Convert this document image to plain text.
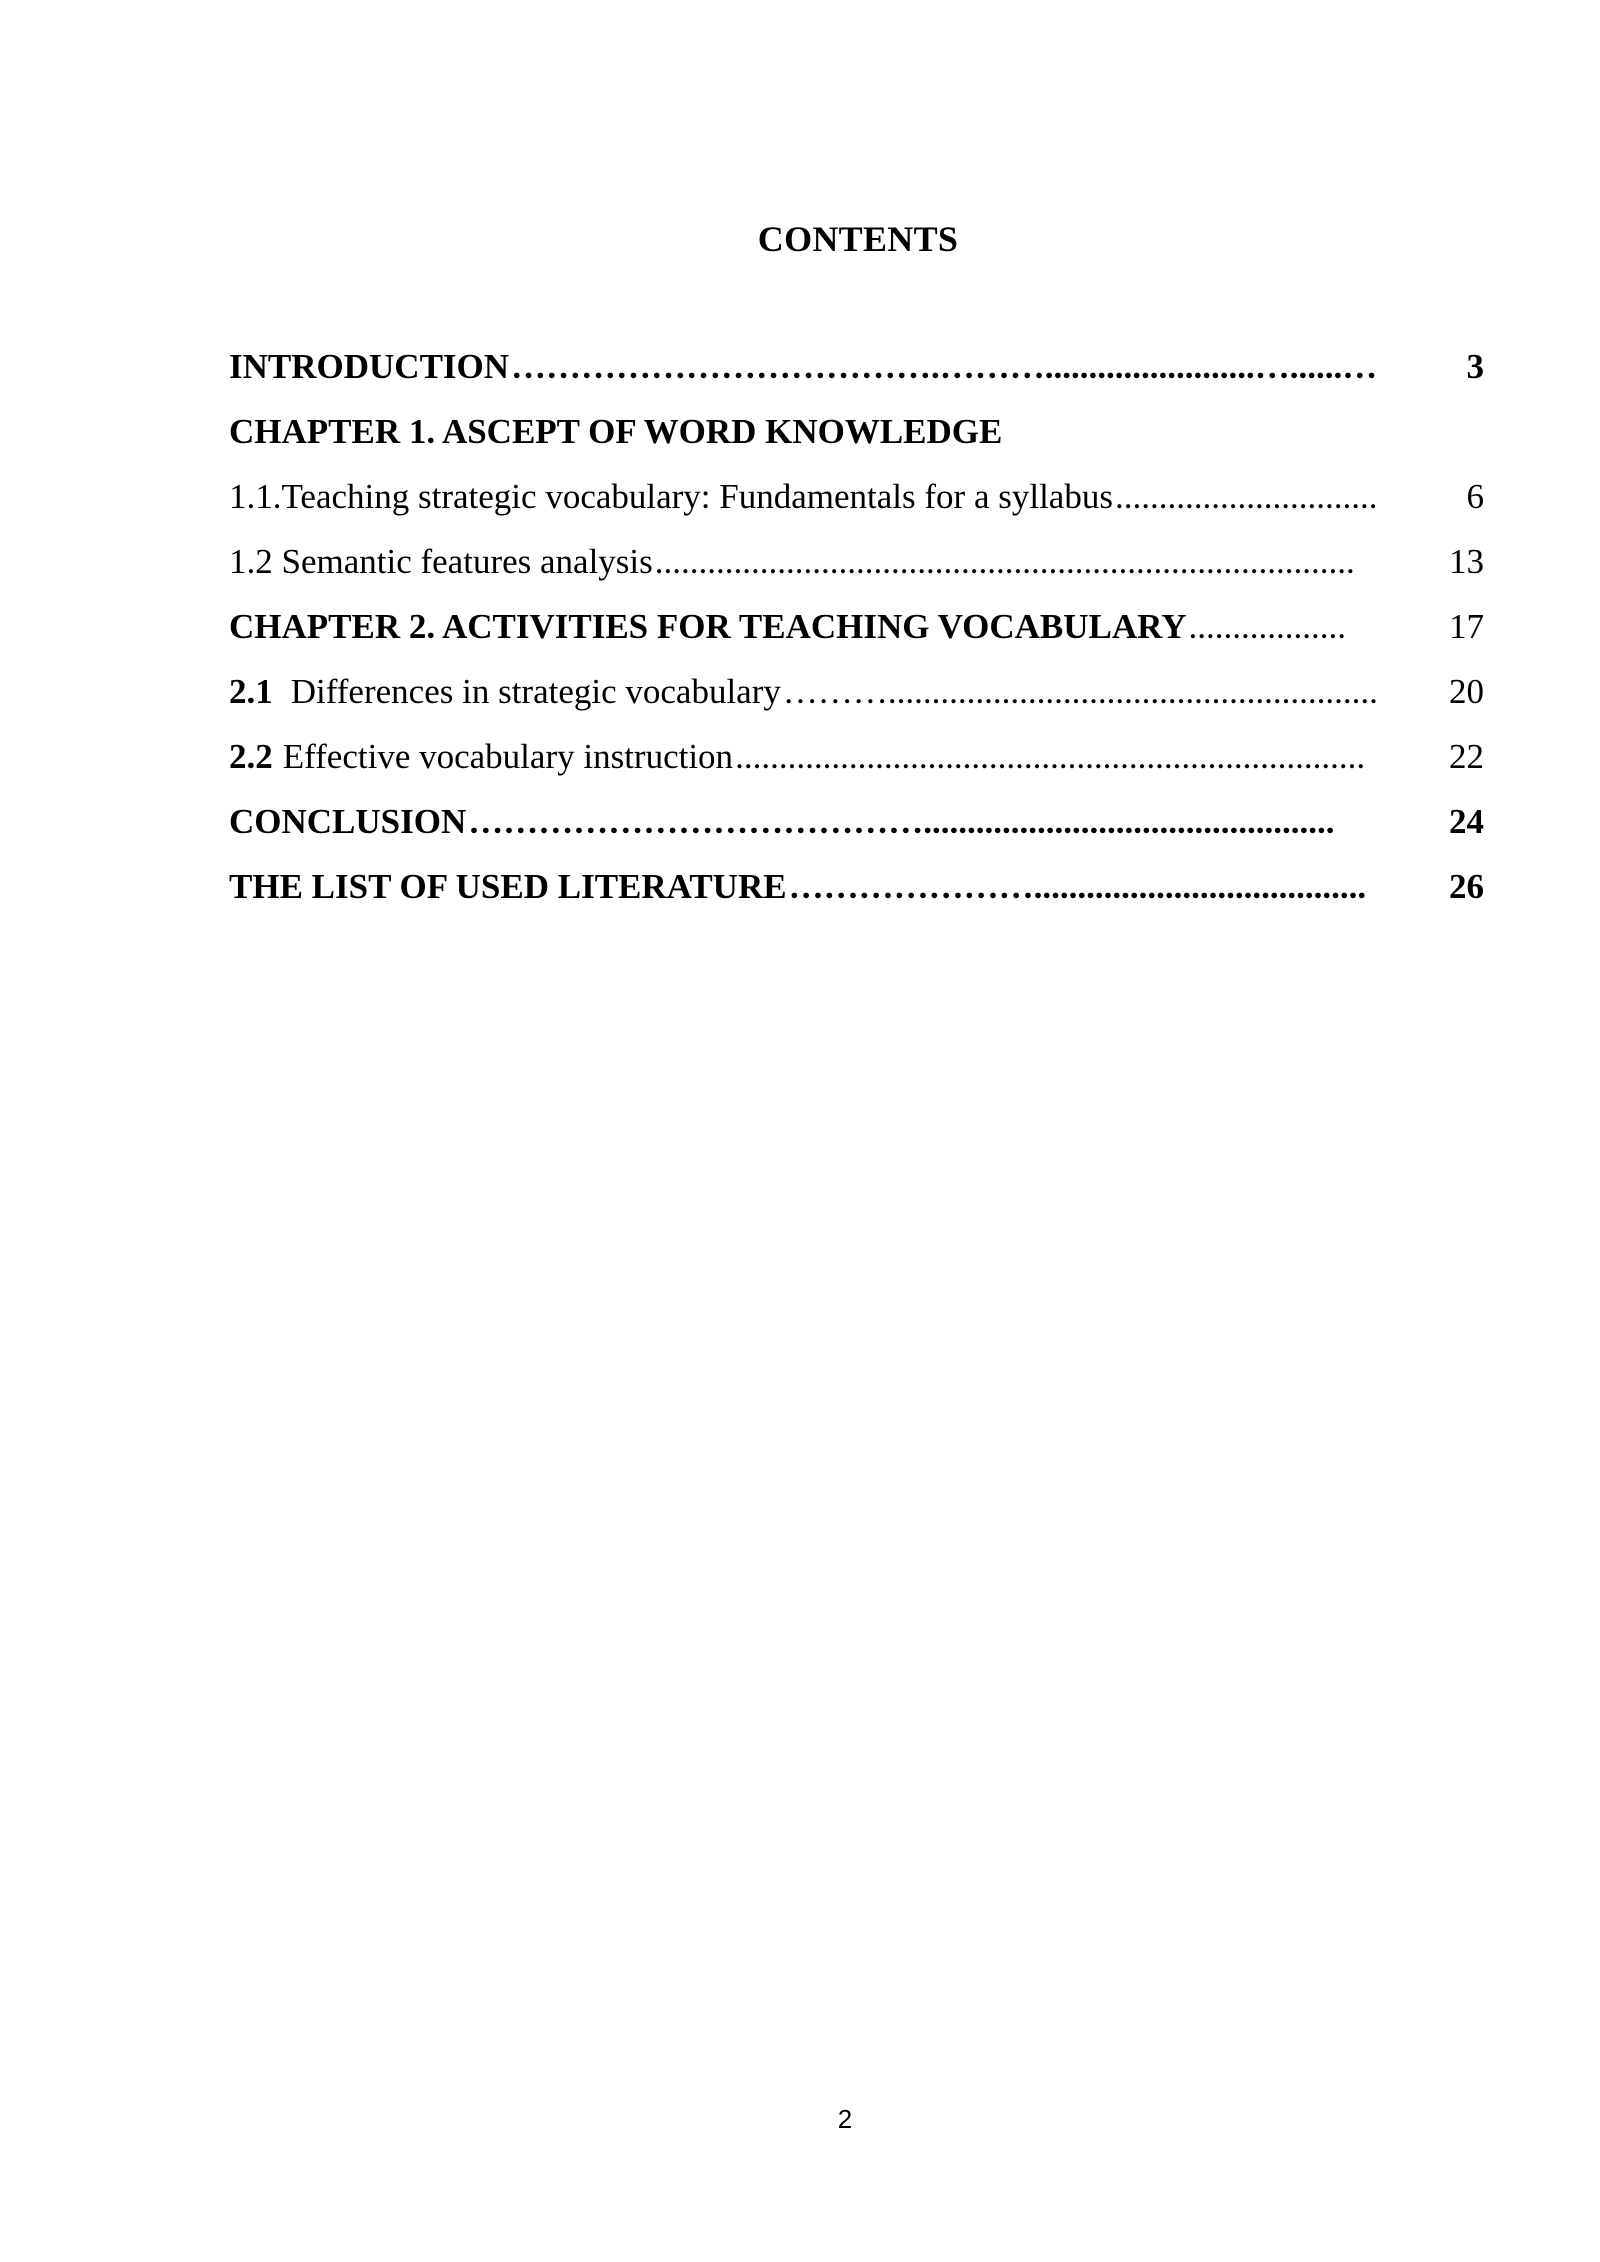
CONTENTS
INTRODUCTION ……………………………….………........................…......…	3
CHAPTER 1. ASCEPT OF WORD KNOWLEDGE
1.1.Teaching strategic vocabulary: Fundamentals for a syllabus ..............................	6
1.2 Semantic features analysis ................................................................................	13
CHAPTER 2. ACTIVITIES FOR TEACHING VOCABULARY ..................	17
2.1 Differences in strategic vocabulary ………........................................................	20
2.2 Effective vocabulary instruction ........................................................................	22
CONCLUSION …………………………………...............................................	24
THE LIST OF USED LITERATURE …………………......................................	26
2
